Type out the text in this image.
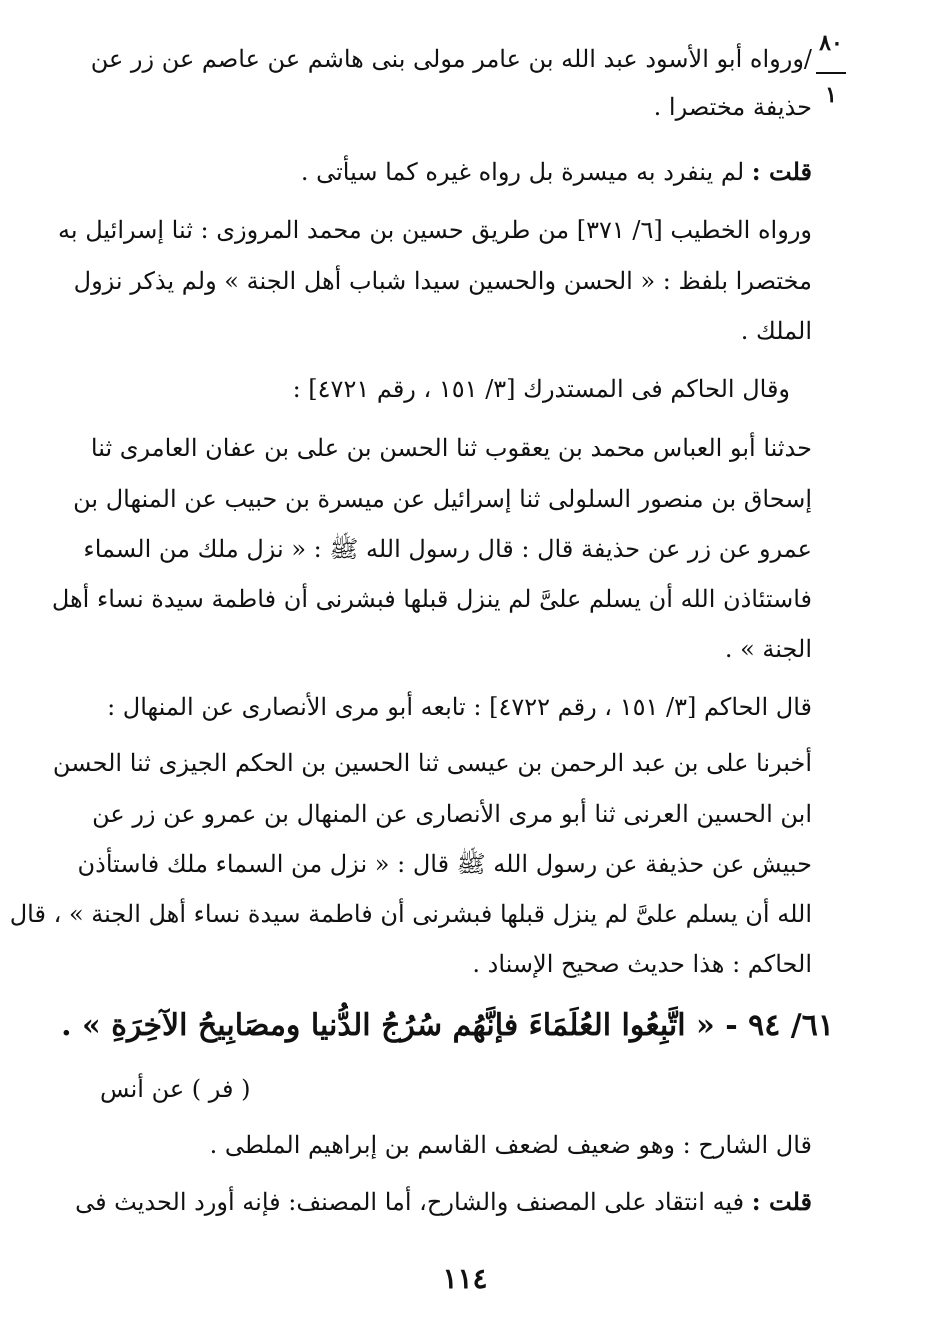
٨٠
١
/ورواه أبو الأسود عبد الله بن عامر مولى بنى هاشم عن عاصم عن زر عن
حذيفة مختصرا .
قلت : لم ينفرد به ميسرة بل رواه غيره كما سيأتى .
ورواه الخطيب [٦/ ٣٧١] من طريق حسين بن محمد المروزى : ثنا إسرائيل به
مختصرا بلفظ : « الحسن والحسين سيدا شباب أهل الجنة » ولم يذكر نزول
الملك .
وقال الحاكم فى المستدرك [٣/ ١٥١ ، رقم ٤٧٢١] :
حدثنا أبو العباس محمد بن يعقوب ثنا الحسن بن على بن عفان العامرى ثنا
إسحاق بن منصور السلولى ثنا إسرائيل عن ميسرة بن حبيب عن المنهال بن
عمرو عن زر عن حذيفة قال : قال رسول الله ﷺ : « نزل ملك من السماء
فاستئاذن الله أن يسلم علىَّ لم ينزل قبلها فبشرنى أن فاطمة سيدة نساء أهل
الجنة » .
قال الحاكم [٣/ ١٥١ ، رقم ٤٧٢٢] : تابعه أبو مرى الأنصارى عن المنهال :
أخبرنا على بن عبد الرحمن بن عيسى ثنا الحسين بن الحكم الجيزى ثنا الحسن
ابن الحسين العرنى ثنا أبو مرى الأنصارى عن المنهال بن عمرو عن زر عن
حبيش عن حذيفة عن رسول الله ﷺ قال : « نزل من السماء ملك فاستأذن
الله أن يسلم علىَّ لم ينزل قبلها فبشرنى أن فاطمة سيدة نساء أهل الجنة » ، قال
الحاكم : هذا حديث صحيح الإسناد .
٦١/ ٩٤ - « اتَّبِعُوا العُلَمَاءَ فإنَّهُم سُرُجُ الدُّنيا ومصَابِيحُ الآخِرَةِ » .
( فر ) عن أنس
قال الشارح : وهو ضعيف لضعف القاسم بن إبراهيم الملطى .
قلت : فيه انتقاد على المصنف والشارح، أما المصنف: فإنه أورد الحديث فى
١١٤
